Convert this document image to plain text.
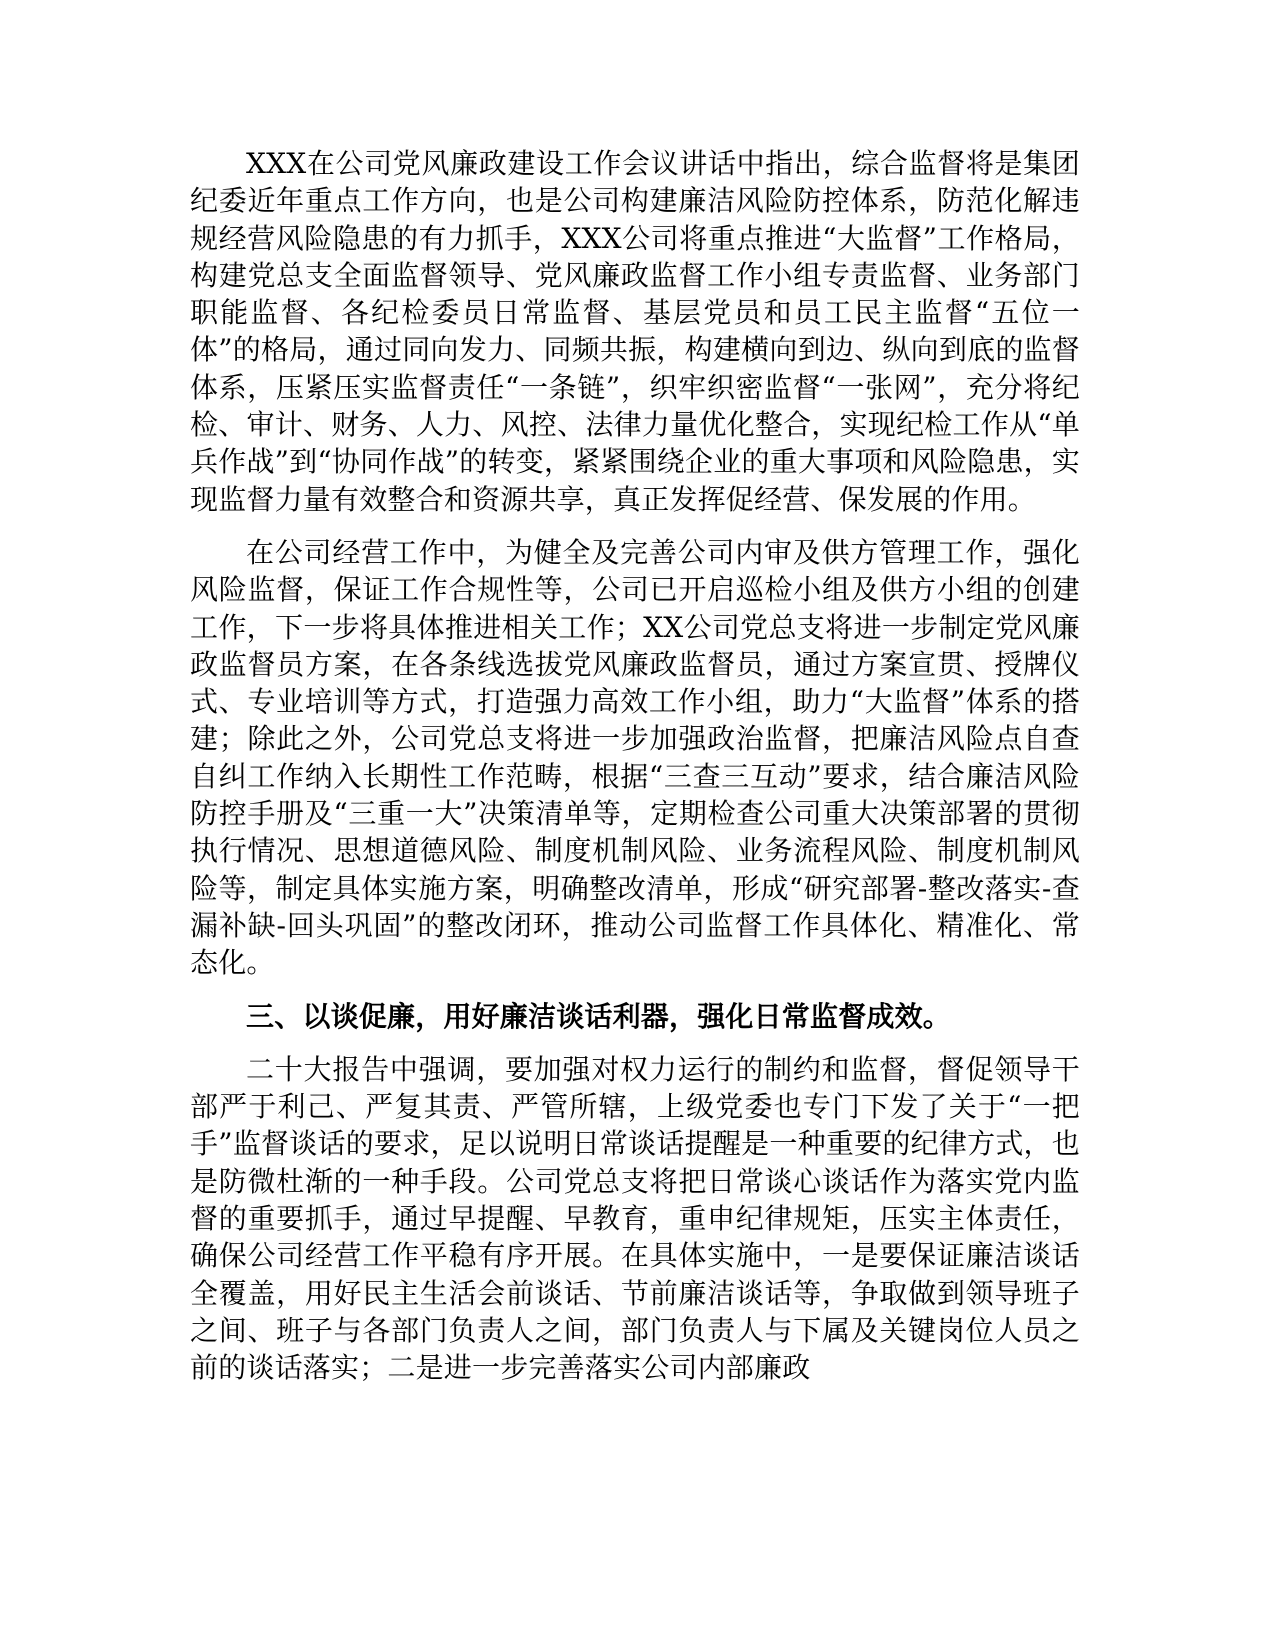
XXX在公司党风廉政建设工作会议讲话中指出，综合监督将是集团纪委近年重点工作方向，也是公司构建廉洁风险防控体系，防范化解违规经营风险隐患的有力抓手，XXX公司将重点推进“大监督”工作格局，构建党总支全面监督领导、党风廉政监督工作小组专责监督、业务部门职能监督、各纪检委员日常监督、基层党员和员工民主监督“五位一体”的格局，通过同向发力、同频共振，构建横向到边、纵向到底的监督体系，压紧压实监督责任“一条链”，织牢织密监督“一张网”，充分将纪检、审计、财务、人力、风控、法律力量优化整合，实现纪检工作从“单兵作战”到“协同作战”的转变，紧紧围绕企业的重大事项和风险隐患，实现监督力量有效整合和资源共享，真正发挥促经营、保发展的作用。

在公司经营工作中，为健全及完善公司内审及供方管理工作，强化风险监督，保证工作合规性等，公司已开启巡检小组及供方小组的创建工作，下一步将具体推进相关工作；XX公司党总支将进一步制定党风廉政监督员方案，在各条线选拔党风廉政监督员，通过方案宣贯、授牌仪式、专业培训等方式，打造强力高效工作小组，助力“大监督”体系的搭建；除此之外，公司党总支将进一步加强政治监督，把廉洁风险点自查自纠工作纳入长期性工作范畴，根据“三查三互动”要求，结合廉洁风险防控手册及“三重一大”决策清单等，定期检查公司重大决策部署的贯彻执行情况、思想道德风险、制度机制风险、业务流程风险、制度机制风险等，制定具体实施方案，明确整改清单，形成“研究部署-整改落实-查漏补缺-回头巩固”的整改闭环，推动公司监督工作具体化、精准化、常态化。

三、以谈促廉，用好廉洁谈话利器，强化日常监督成效。

二十大报告中强调，要加强对权力运行的制约和监督，督促领导干部严于利己、严复其责、严管所辖，上级党委也专门下发了关于“一把手”监督谈话的要求，足以说明日常谈话提醒是一种重要的纪律方式，也是防微杜渐的一种手段。公司党总支将把日常谈心谈话作为落实党内监督的重要抓手，通过早提醒、早教育，重申纪律规矩，压实主体责任，确保公司经营工作平稳有序开展。在具体实施中，一是要保证廉洁谈话全覆盖，用好民主生活会前谈话、节前廉洁谈话等，争取做到领导班子之间、班子与各部门负责人之间，部门负责人与下属及关键岗位人员之前的谈话落实；二是进一步完善落实公司内部廉政
